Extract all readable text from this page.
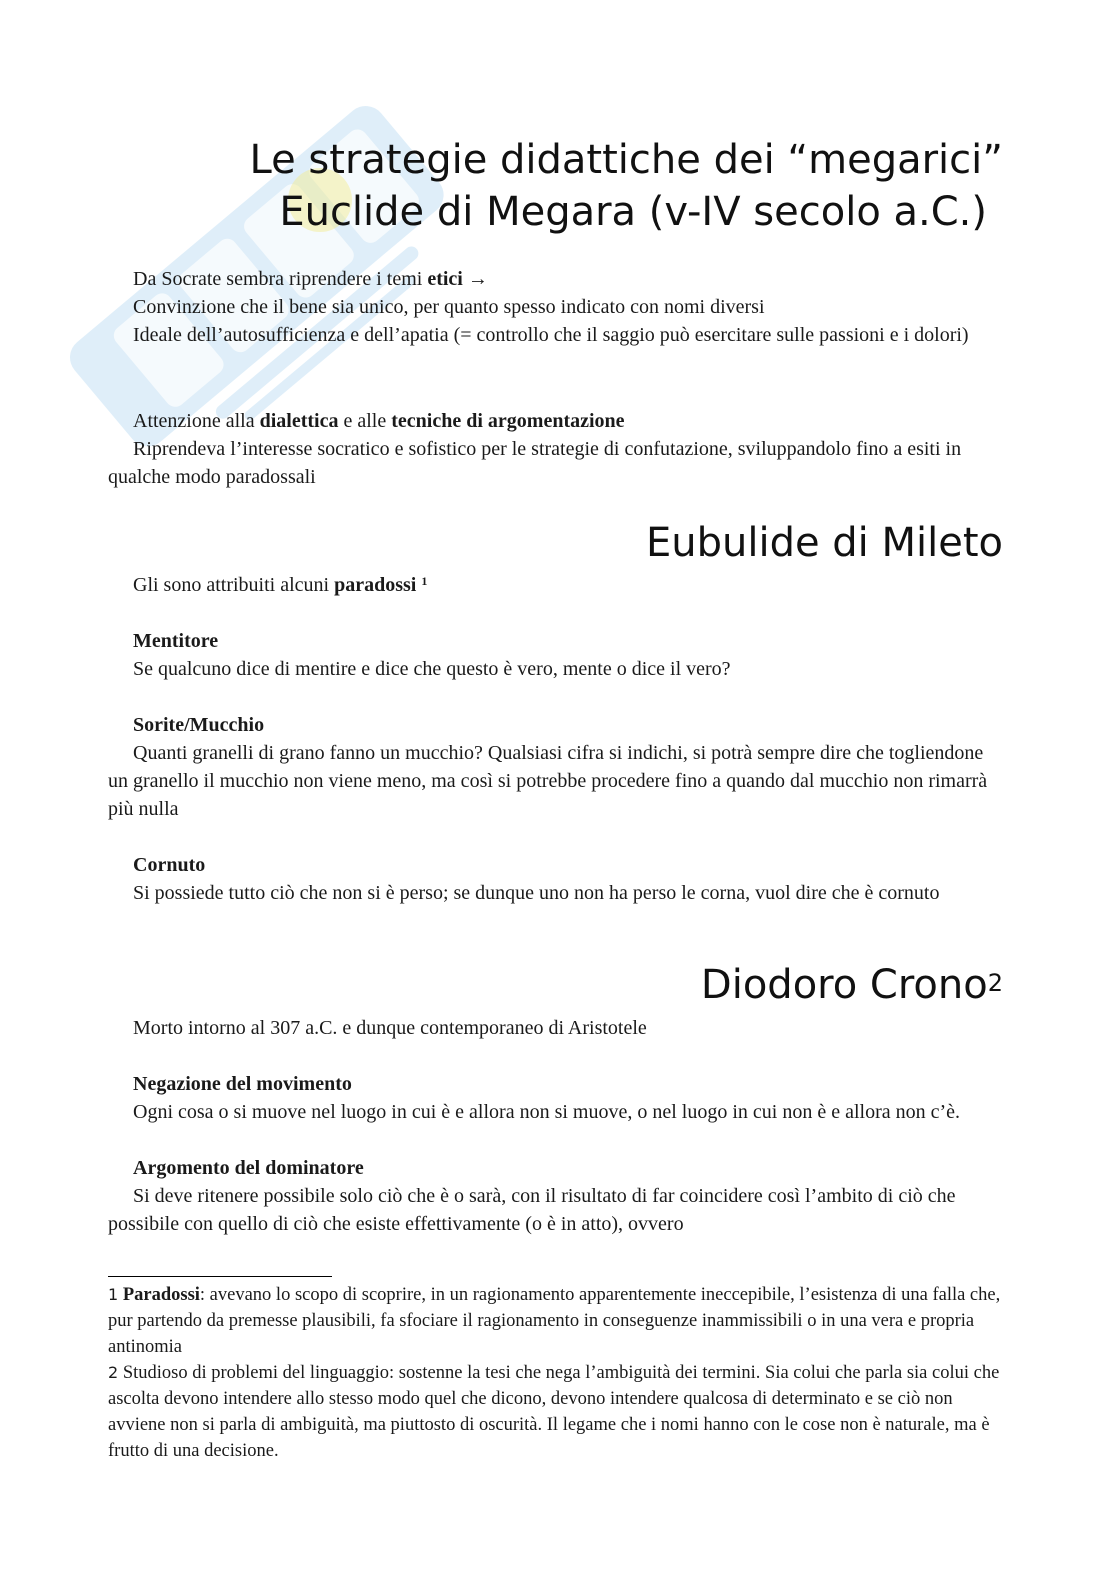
Le strategie didattiche dei “megarici”
Euclide di Megara (v-IV secolo a.C.)

Da Socrate sembra riprendere i temi etici →

Convinzione che il bene sia unico, per quanto spesso indicato con nomi diversi

Ideale dell’autosufficienza e dell’apatia (= controllo che il saggio può esercitare sulle passioni e i dolori)

Attenzione alla dialettica e alle tecniche di argomentazione

Riprendeva l’interesse socratico e sofistico per le strategie di confutazione, sviluppandolo fino a esiti in qualche modo paradossali

Eubulide di Mileto

Gli sono attribuiti alcuni paradossi $^1$

Mentitore

Se qualcuno dice di mentire e dice che questo è vero, mente o dice il vero?

Sorite/Mucchio

Quanti granelli di grano fanno un mucchio? Qualsiasi cifra si indichi, si potrà sempre dire che togliendone un granello il mucchio non viene meno, ma così si potrebbe procedere fino a quando dal mucchio non rimarrà più nulla

Cornuto

Si possiede tutto ciò che non si è perso; se dunque uno non ha perso le corna, vuol dire che è cornuto

Diodoro Crono$^2$

Morto intorno al 307 a.C. e dunque contemporaneo di Aristotele

Negazione del movimento

Ogni cosa o si muove nel luogo in cui è e allora non si muove, o nel luogo in cui non è e allora non c’è.

Argomento del dominatore

Si deve ritenere possibile solo ciò che è o sarà, con il risultato di far coincidere così l’ambito di ciò che possibile con quello di ciò che esiste effettivamente (o è in atto), ovvero

1 Paradossi: avevano lo scopo di scoprire, in un ragionamento apparentemente ineccepibile, l’esistenza di una falla che, pur partendo da premesse plausibili, fa sfociare il ragionamento in conseguenze inammissibili o in una vera e propria antinomia

2 Studioso di problemi del linguaggio: sostenne la tesi che nega l’ambiguità dei termini. Sia colui che parla sia colui che ascolta devono intendere allo stesso modo quel che dicono, devono intendere qualcosa di determinato e se ciò non avviene non si parla di ambiguità, ma piuttosto di oscurità. Il legame che i nomi hanno con le cose non è naturale, ma è frutto di una decisione.
